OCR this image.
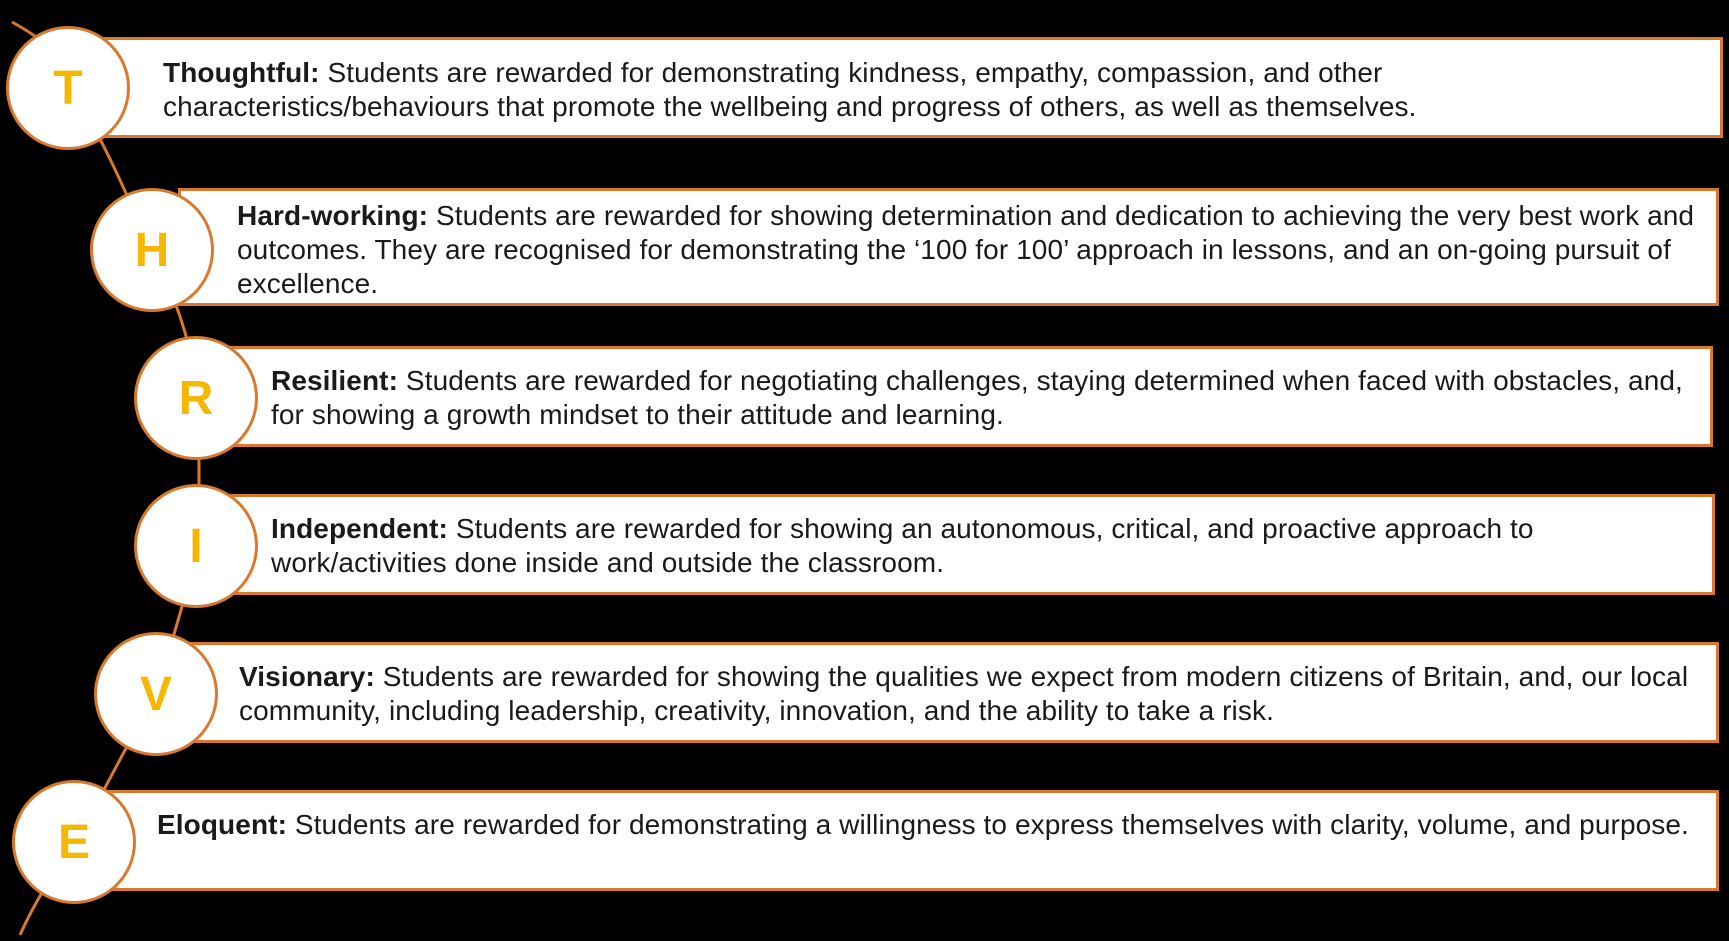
Thoughtful: Students are rewarded for demonstrating kindness, empathy, compassion, and other characteristics/behaviours that promote the wellbeing and progress of others, as well as themselves.
Hard-working: Students are rewarded for showing determination and dedication to achieving the very best work and outcomes. They are recognised for demonstrating the ‘100 for 100’ approach in lessons, and an on-going pursuit of excellence.
Resilient: Students are rewarded for negotiating challenges, staying determined when faced with obstacles, and, for showing a growth mindset to their attitude and learning.
Independent: Students are rewarded for showing an autonomous, critical, and proactive approach to work/activities done inside and outside the classroom.
Visionary: Students are rewarded for showing the qualities we expect from modern citizens of Britain, and, our local community, including leadership, creativity, innovation, and the ability to take a risk.
Eloquent: Students are rewarded for demonstrating a willingness to express themselves with clarity, volume, and purpose.
T
H
R
I
V
E
